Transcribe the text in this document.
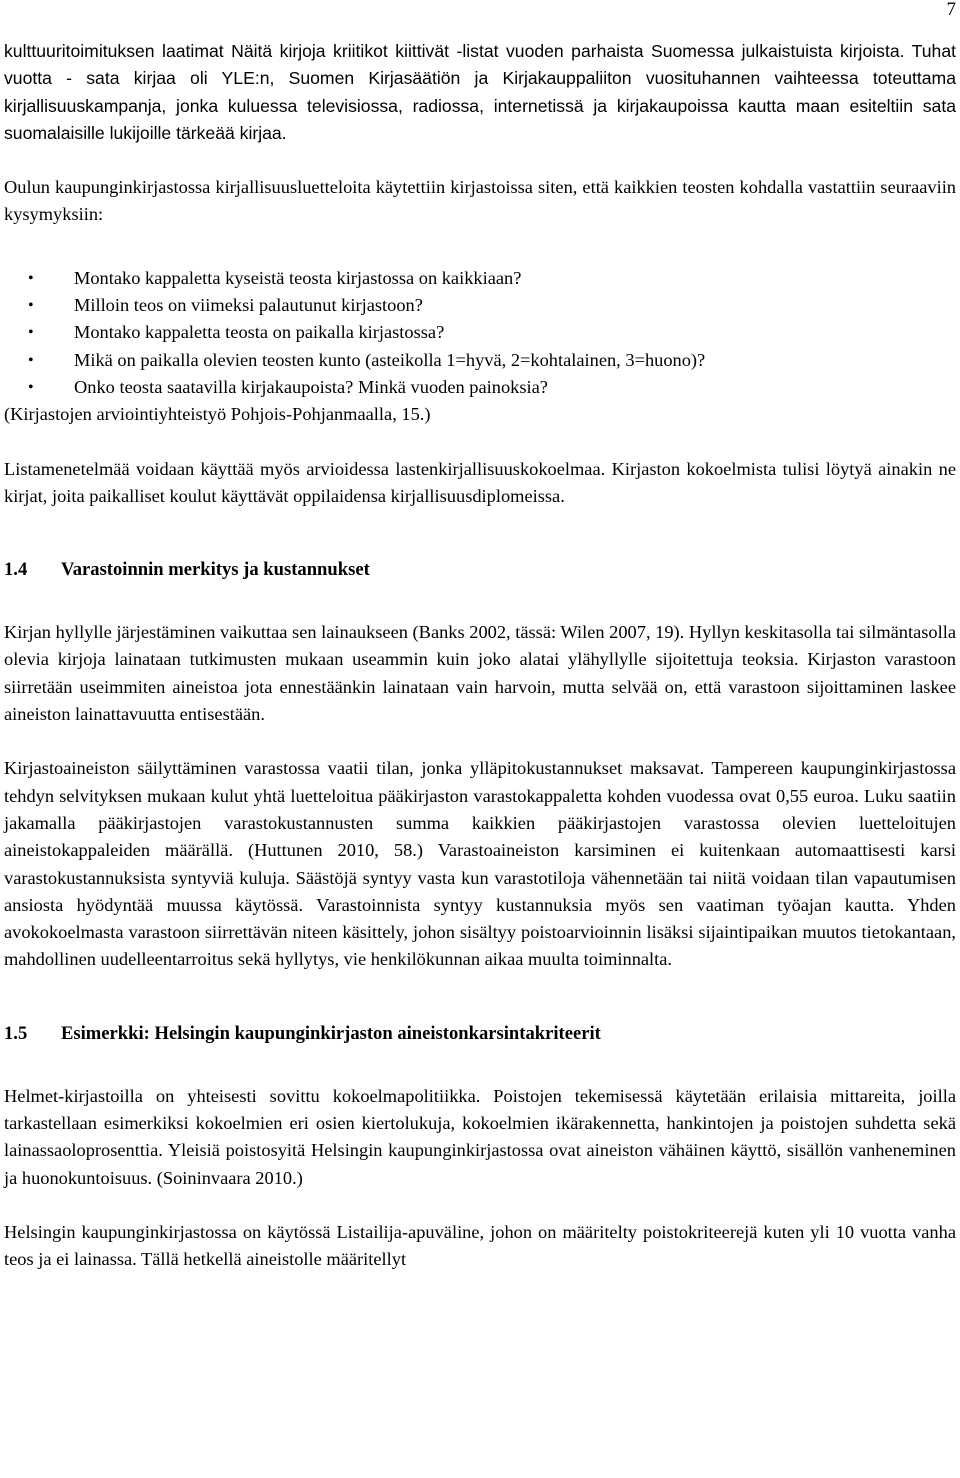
7

kulttuuritoimituksen laatimat Näitä kirjoja kriitikot kiittivät -listat vuoden parhaista Suomessa julkaistuista kirjoista. Tuhat vuotta - sata kirjaa oli YLE:n, Suomen Kirjasäätiön ja Kirjakauppaliiton vuosituhannen vaihteessa toteuttama kirjallisuuskampanja, jonka kuluessa televisiossa, radiossa, internetissä ja kirjakaupoissa kautta maan esiteltiin sata suomalaisille lukijoille tärkeää kirjaa.

Oulun kaupunginkirjastossa kirjallisuusluetteloita käytettiin kirjastoissa siten, että kaikkien teosten kohdalla vastattiin seuraaviin kysymyksiin:

• Montako kappaletta kyseistä teosta kirjastossa on kaikkiaan?
• Milloin teos on viimeksi palautunut kirjastoon?
• Montako kappaletta teosta on paikalla kirjastossa?
• Mikä on paikalla olevien teosten kunto (asteikolla 1=hyvä, 2=kohtalainen, 3=huono)?
• Onko teosta saatavilla kirjakaupoista? Minkä vuoden painoksia?

(Kirjastojen arviointiyhteistyö Pohjois-Pohjanmaalla, 15.)

Listamenetelmää voidaan käyttää myös arvioidessa lastenkirjallisuuskokoelmaa. Kirjaston kokoelmista tulisi löytyä ainakin ne kirjat, joita paikalliset koulut käyttävät oppilaidensa kirjallisuusdiplomeissa.

1.4	Varastoinnin merkitys ja kustannukset

Kirjan hyllylle järjestäminen vaikuttaa sen lainaukseen (Banks 2002, tässä: Wilen 2007, 19). Hyllyn keskitasolla tai silmäntasolla olevia kirjoja lainataan tutkimusten mukaan useammin kuin joko alatai ylähyllylle sijoitettuja teoksia. Kirjaston varastoon siirretään useimmiten aineistoa jota ennestäänkin lainataan vain harvoin, mutta selvää on, että varastoon sijoittaminen laskee aineiston lainattavuutta entisestään.

Kirjastoaineiston säilyttäminen varastossa vaatii tilan, jonka ylläpitokustannukset maksavat. Tampereen kaupunginkirjastossa tehdyn selvityksen mukaan kulut yhtä luetteloitua pääkirjaston varastokappaletta kohden vuodessa ovat 0,55 euroa. Luku saatiin jakamalla pääkirjastojen varastokustannusten summa kaikkien pääkirjastojen varastossa olevien luetteloitujen aineistokappaleiden määrällä. (Huttunen 2010, 58.) Varastoaineiston karsiminen ei kuitenkaan automaattisesti karsi varastokustannuksista syntyviä kuluja. Säästöjä syntyy vasta kun varastotiloja vähennetään tai niitä voidaan tilan vapautumisen ansiosta hyödyntää muussa käytössä. Varastoinnista syntyy kustannuksia myös sen vaatiman työajan kautta. Yhden avokokoelmasta varastoon siirrettävän niteen käsittely, johon sisältyy poistoarvioinnin lisäksi sijaintipaikan muutos tietokantaan, mahdollinen uudelleentarroitus sekä hyllytys, vie henkilökunnan aikaa muulta toiminnalta.

1.5	Esimerkki: Helsingin kaupunginkirjaston aineistonkarsintakriteerit

Helmet-kirjastoilla on yhteisesti sovittu kokoelmapolitiikka. Poistojen tekemisessä käytetään erilaisia mittareita, joilla tarkastellaan esimerkiksi kokoelmien eri osien kiertolukuja, kokoelmien ikärakennetta, hankintojen ja poistojen suhdetta sekä lainassaoloprosenttia. Yleisiä poistosyitä Helsingin kaupunginkirjastossa ovat aineiston vähäinen käyttö, sisällön vanheneminen ja huonokuntoisuus. (Soininvaara 2010.)

Helsingin kaupunginkirjastossa on käytössä Listailija-apuväline, johon on määritelty poistokriteerejä kuten yli 10 vuotta vanha teos ja ei lainassa. Tällä hetkellä aineistolle määritellyt
